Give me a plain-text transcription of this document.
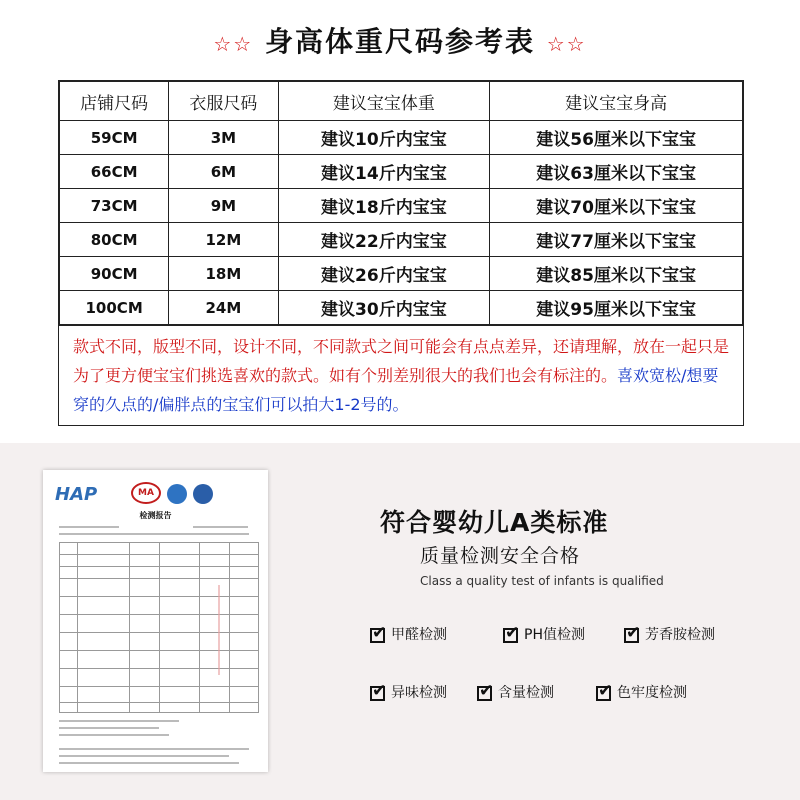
☆☆ 身高体重尺码参考表 ☆☆
店铺尺码	衣服尺码	建议宝宝体重	建议宝宝身高
59CM	3M	建议10斤内宝宝	建议56厘米以下宝宝
66CM	6M	建议14斤内宝宝	建议63厘米以下宝宝
73CM	9M	建议18斤内宝宝	建议70厘米以下宝宝
80CM	12M	建议22斤内宝宝	建议77厘米以下宝宝
90CM	18M	建议26斤内宝宝	建议85厘米以下宝宝
100CM	24M	建议30斤内宝宝	建议95厘米以下宝宝
款式不同，版型不同，设计不同，不同款式之间可能会有点点差异，还请理解，放在一起只是为了更方便宝宝们挑选喜欢的款式。如有个别差别很大的我们也会有标注的。喜欢宽松/想要穿的久点的/偏胖点的宝宝们可以拍大1-2号的。
HAP	MA
检测报告	符合婴幼儿A类标准
质量检测安全合格
Class a quality test of infants is qualified
✔甲醛检测 ✔	PH值检测 ✔	芳香胺检测
✔异味检测 ✔	含量检测 ✔	色牢度检测
